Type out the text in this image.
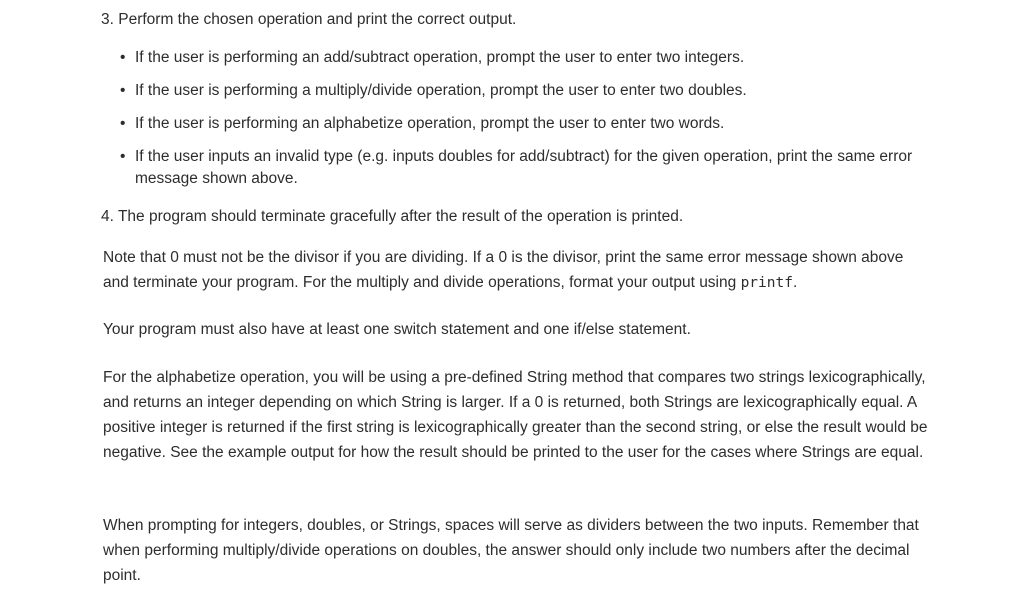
3. Perform the chosen operation and print the correct output.

• If the user is performing an add/subtract operation, prompt the user to enter two integers.
• If the user is performing a multiply/divide operation, prompt the user to enter two doubles.
• If the user is performing an alphabetize operation, prompt the user to enter two words.
• If the user inputs an invalid type (e.g. inputs doubles for add/subtract) for the given operation, print the same error message shown above.

4. The program should terminate gracefully after the result of the operation is printed.

Note that 0 must not be the divisor if you are dividing. If a 0 is the divisor, print the same error message shown above and terminate your program. For the multiply and divide operations, format your output using printf.

Your program must also have at least one switch statement and one if/else statement.

For the alphabetize operation, you will be using a pre-defined String method that compares two strings lexicographically, and returns an integer depending on which String is larger. If a 0 is returned, both Strings are lexicographically equal. A positive integer is returned if the first string is lexicographically greater than the second string, or else the result would be negative. See the example output for how the result should be printed to the user for the cases where Strings are equal.

When prompting for integers, doubles, or Strings, spaces will serve as dividers between the two inputs. Remember that when performing multiply/divide operations on doubles, the answer should only include two numbers after the decimal point.
